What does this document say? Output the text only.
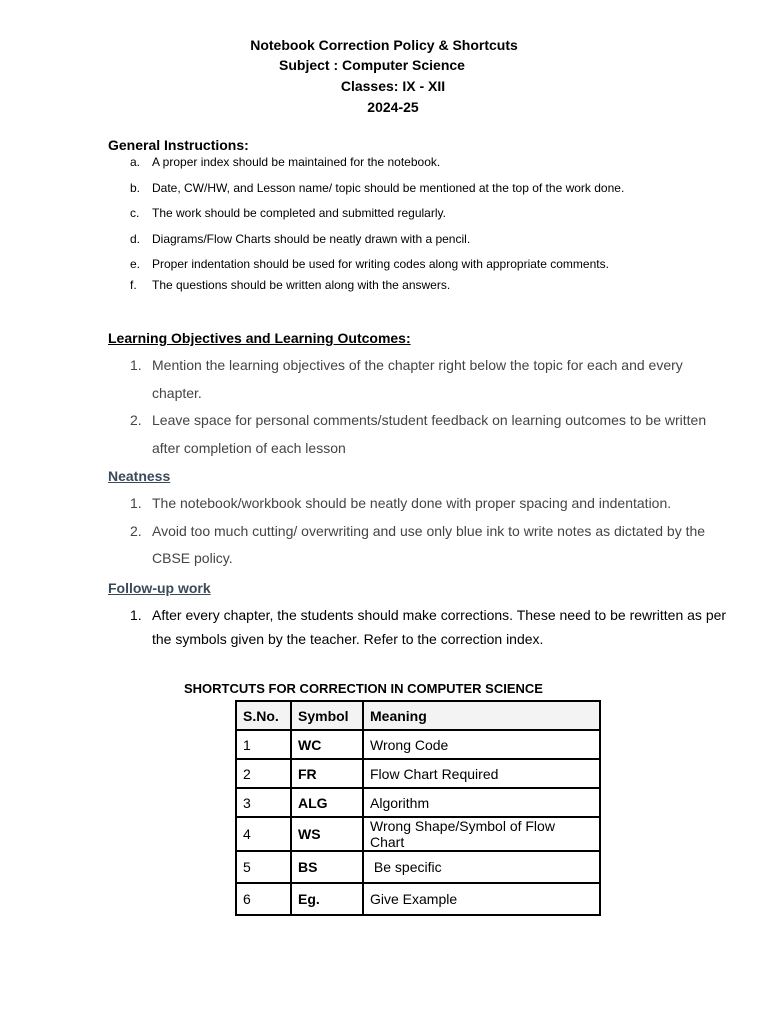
Notebook Correction Policy & Shortcuts
Subject : Computer Science
Classes: IX - XII
2024-25
General Instructions:
a. A proper index should be maintained for the notebook.
b. Date, CW/HW, and Lesson name/ topic should be mentioned at the top of the work done.
c.	The work should be completed and submitted regularly.
d. Diagrams/Flow Charts should be neatly drawn with a pencil.
e. Proper indentation should be used for writing codes along with appropriate comments.
f.	The questions should be written along with the answers.
Learning Objectives and Learning Outcomes:
1. Mention the learning objectives of the chapter right below the topic for each and every chapter.
2. Leave space for personal comments/student feedback on learning outcomes to be written after completion of each lesson
Neatness
1. The notebook/workbook should be neatly done with proper spacing and indentation.
2. Avoid too much cutting/ overwriting and use only blue ink to write notes as dictated by the CBSE policy.
Follow-up work
1. After every chapter, the students should make corrections. These need to be rewritten as per the symbols given by the teacher. Refer to the correction index.
SHORTCUTS FOR CORRECTION IN COMPUTER SCIENCE
S.No.	Symbol	Meaning
1	WC	Wrong Code
2	FR	Flow Chart Required
3	ALG	Algorithm
4	WS	Wrong Shape/Symbol of Flow Chart
5	BS	Be specific
6	Eg.	Give Example
